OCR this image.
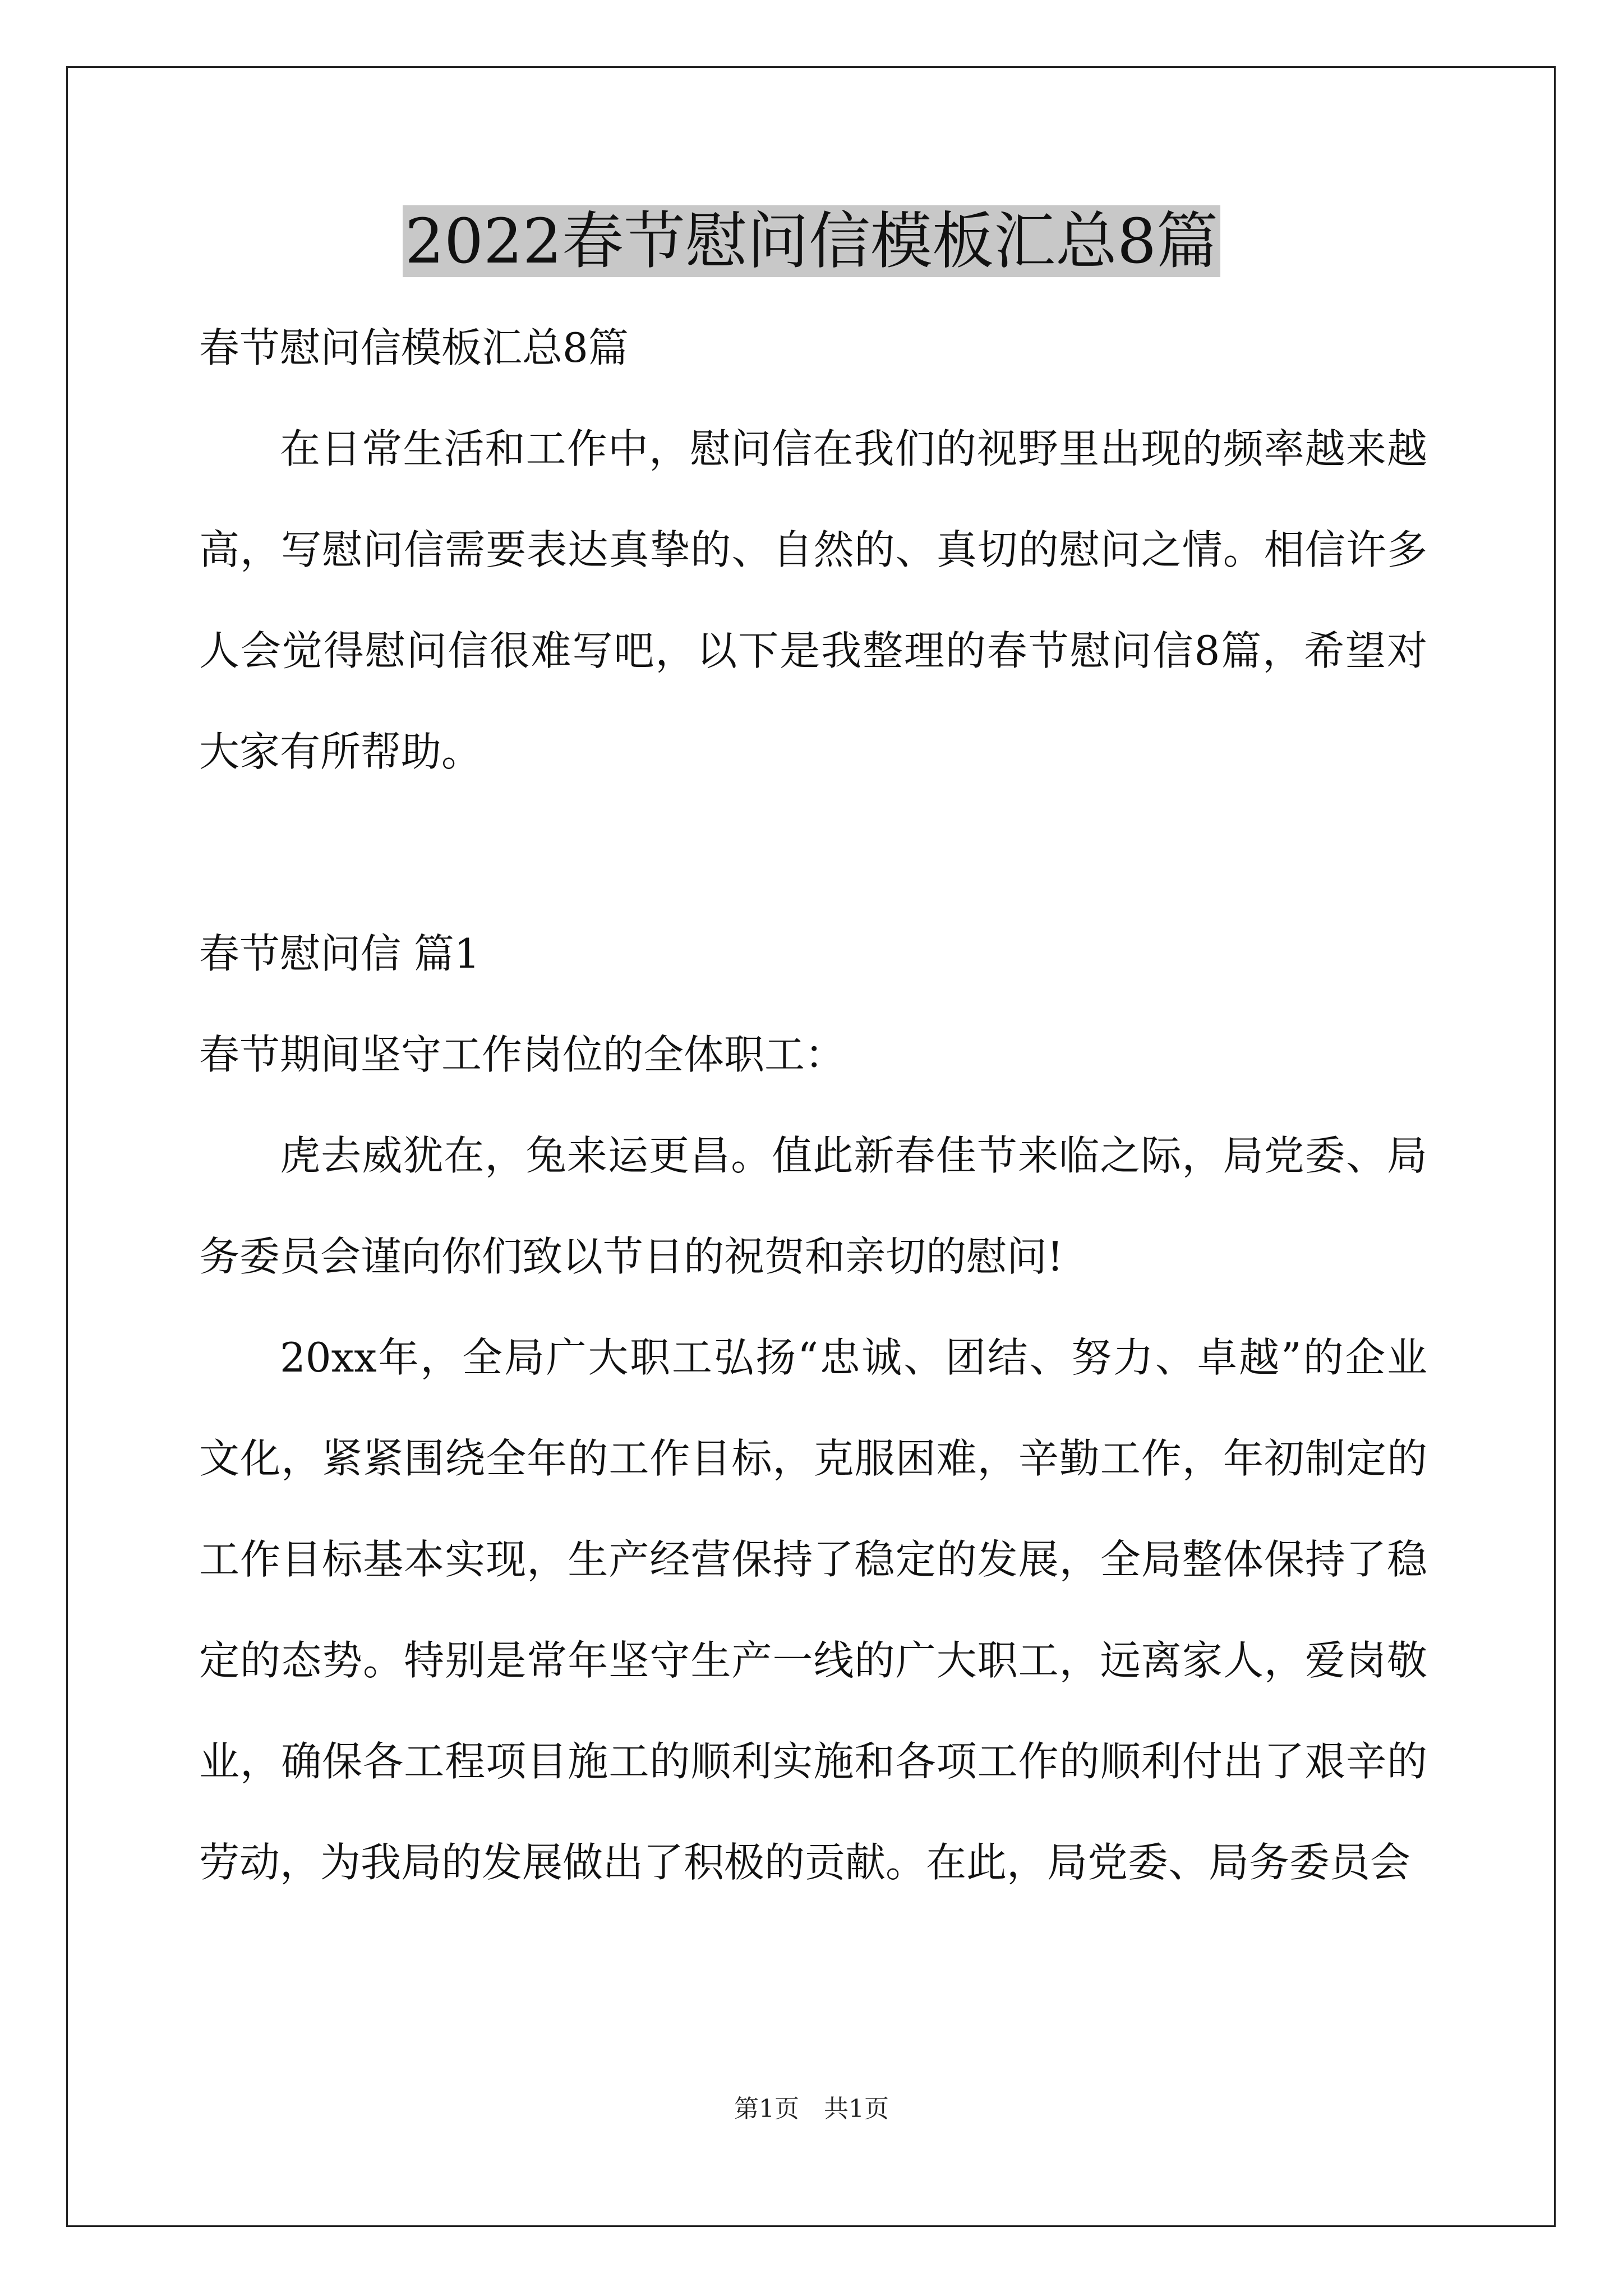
2022春节慰问信模板汇总8篇

春节慰问信模板汇总8篇

在日常生活和工作中，慰问信在我们的视野里出现的频率越来越高，写慰问信需要表达真挚的、自然的、真切的慰问之情。相信许多人会觉得慰问信很难写吧，以下是我整理的春节慰问信8篇，希望对大家有所帮助。

春节慰问信 篇1

春节期间坚守工作岗位的全体职工：

虎去威犹在，兔来运更昌。值此新春佳节来临之际，局党委、局务委员会谨向你们致以节日的祝贺和亲切的慰问!

20xx年，全局广大职工弘扬“忠诚、团结、努力、卓越”的企业文化，紧紧围绕全年的工作目标，克服困难，辛勤工作，年初制定的工作目标基本实现，生产经营保持了稳定的发展，全局整体保持了稳定的态势。特别是常年坚守生产一线的广大职工，远离家人，爱岗敬业，确保各工程项目施工的顺利实施和各项工作的顺利付出了艰辛的劳动，为我局的发展做出了积极的贡献。在此，局党委、局务委员会

第1页　共1页
